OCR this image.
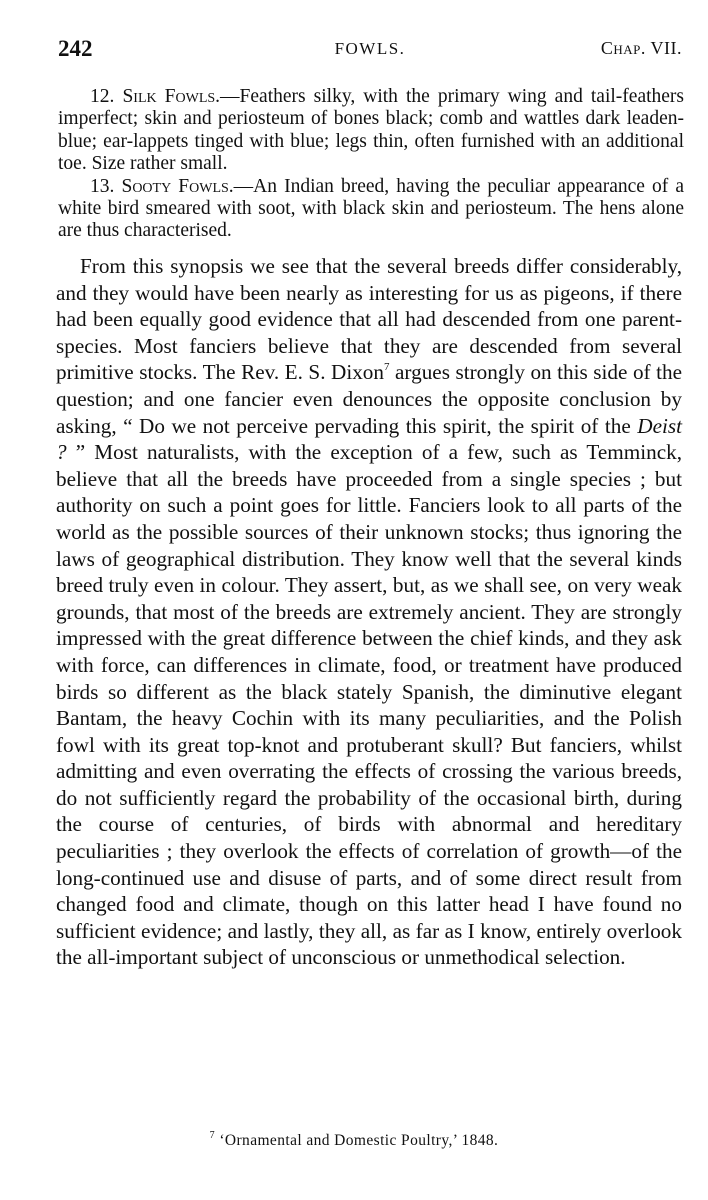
242	FOWLS.	Chap. VII.

12. Silk Fowls.—Feathers silky, with the primary wing and tail-feathers imperfect; skin and periosteum of bones black; comb and wattles dark leaden-blue; ear-lappets tinged with blue; legs thin, often furnished with an additional toe. Size rather small.

13. Sooty Fowls.—An Indian breed, having the peculiar appearance of a white bird smeared with soot, with black skin and periosteum. The hens alone are thus characterised.

From this synopsis we see that the several breeds differ considerably, and they would have been nearly as interesting for us as pigeons, if there had been equally good evidence that all had descended from one parent-species. Most fanciers believe that they are descended from several primitive stocks. The Rev. E. S. Dixon$^7$ argues strongly on this side of the question; and one fancier even denounces the opposite conclusion by asking, “ Do we not perceive pervading this spirit, the spirit of the Deist ? ” Most naturalists, with the exception of a few, such as Temminck, believe that all the breeds have proceeded from a single species ; but authority on such a point goes for little. Fanciers look to all parts of the world as the possible sources of their unknown stocks; thus ignoring the laws of geographical distribution. They know well that the several kinds breed truly even in colour. They assert, but, as we shall see, on very weak grounds, that most of the breeds are extremely ancient. They are strongly impressed with the great difference between the chief kinds, and they ask with force, can differences in climate, food, or treatment have produced birds so different as the black stately Spanish, the diminutive elegant Bantam, the heavy Cochin with its many peculiarities, and the Polish fowl with its great top-knot and protuberant skull? But fanciers, whilst admitting and even overrating the effects of crossing the various breeds, do not sufficiently regard the probability of the occasional birth, during the course of centuries, of birds with abnormal and hereditary peculiarities ; they overlook the effects of correlation of growth—of the long-continued use and disuse of parts, and of some direct result from changed food and climate, though on this latter head I have found no sufficient evidence; and lastly, they all, as far as I know, entirely overlook the all-important subject of unconscious or unmethodical selection.

$^7$ ‘Ornamental and Domestic Poultry,’ 1848.
